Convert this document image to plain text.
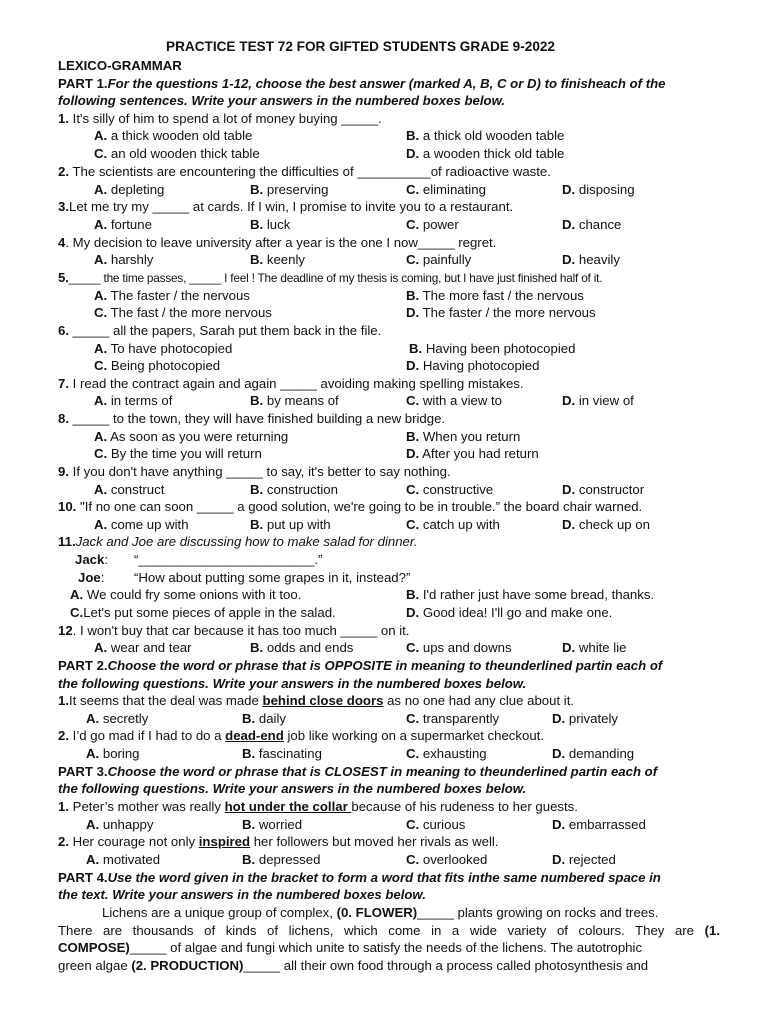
PRACTICE TEST 72 FOR GIFTED STUDENTS GRADE 9-2022
LEXICO-GRAMMAR
PART 1.For the questions 1-12, choose the best answer (marked A, B, C or D) to finisheach of the
following sentences. Write your answers in the numbered boxes below.
1. It's silly of him to spend a lot of money buying _____.
A. a thick wooden old table	B. a thick old wooden table
C. an old wooden thick table	D. a wooden thick old table
2. The scientists are encountering the difficulties of __________of radioactive waste.
A. depleting	B. preserving	C. eliminating	D. disposing
3.Let me try my _____ at cards. If I win, I promise to invite you to a restaurant.
A. fortune	B. luck	C. power	D. chance
4. My decision to leave university after a year is the one I now_____ regret.
A. harshly	B. keenly	C. painfully	D. heavily
5._____ the time passes, _____ I feel ! The deadline of my thesis is coming, but I have just finished half of it.
A. The faster / the nervous	B. The more fast / the nervous
C. The fast / the more nervous	D. The faster / the more nervous
6. _____ all the papers, Sarah put them back in the file.
A. To have photocopied	B. Having been photocopied
C. Being photocopied	D. Having photocopied
7. I read the contract again and again _____ avoiding making spelling mistakes.
A. in terms of	B. by means of	C. with a view to	D. in view of
8. _____ to the town, they will have finished building a new bridge.
A. As soon as you were returning	B. When you return
C. By the time you will return	D. After you had return
9. If you don't have anything _____ to say, it's better to say nothing.
A. construct	B. construction	C. constructive	D. constructor
10. "If no one can soon _____ a good solution, we're going to be in trouble.” the board chair warned.
A. come up with	B. put up with	C. catch up with	D. check up on
11.Jack and Joe are discussing how to make salad for dinner.
Jack: “________________________.”
Joe: “How about putting some grapes in it, instead?”
A. We could fry some onions with it too.	B. I'd rather just have some bread, thanks.
C.Let's put some pieces of apple in the salad.	D. Good idea! I'll go and make one.
12. I won't buy that car because it has too much _____ on it.
A. wear and tear	B. odds and ends	C. ups and downs	D. white lie
PART 2.Choose the word or phrase that is OPPOSITE in meaning to theunderlined partin each of
the following questions. Write your answers in the numbered boxes below.
1.It seems that the deal was made behind close doors as no one had any clue about it.
A. secretly	B. daily	C. transparently	D. privately
2. I’d go mad if I had to do a dead-end job like working on a supermarket checkout.
A. boring	B. fascinating	C. exhausting	D. demanding
PART 3.Choose the word or phrase that is CLOSEST in meaning to theunderlined partin each of
the following questions. Write your answers in the numbered boxes below.
1. Peter’s mother was really hot under the collar because of his rudeness to her guests.
A. unhappy	B. worried	C. curious	D. embarrassed
2. Her courage not only inspired her followers but moved her rivals as well.
A. motivated	B. depressed	C. overlooked	D. rejected
PART 4.Use the word given in the bracket to form a word that fits inthe same numbered space in
the text. Write your answers in the numbered boxes below.
Lichens are a unique group of complex, (0. FLOWER)_____ plants growing on rocks and trees.
There are thousands of kinds of lichens, which come in a wide variety of colours. They are (1.
COMPOSE)_____ of algae and fungi which unite to satisfy the needs of the lichens. The autotrophic
green algae (2. PRODUCTION)_____ all their own food through a process called photosynthesis and
